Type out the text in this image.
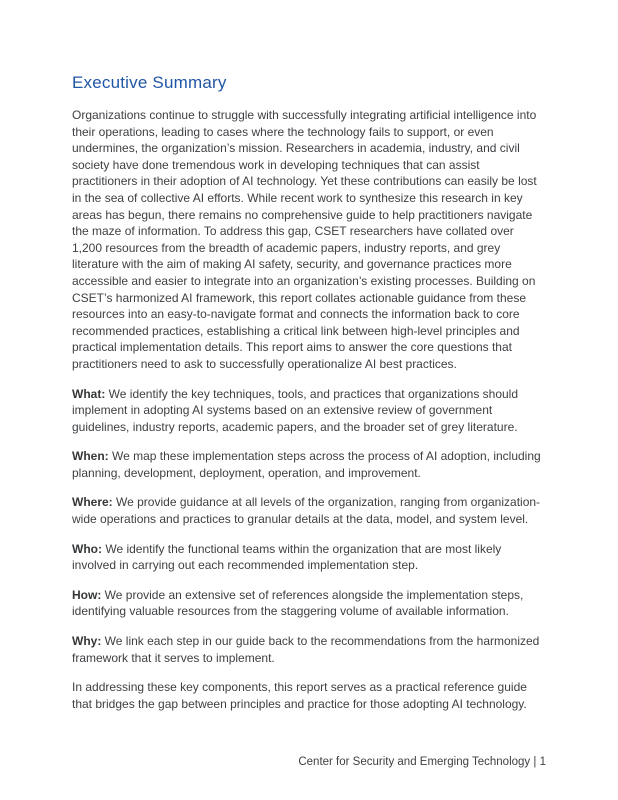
Executive Summary

Organizations continue to struggle with successfully integrating artificial intelligence into their operations, leading to cases where the technology fails to support, or even undermines, the organization’s mission. Researchers in academia, industry, and civil society have done tremendous work in developing techniques that can assist practitioners in their adoption of AI technology. Yet these contributions can easily be lost in the sea of collective AI efforts. While recent work to synthesize this research in key areas has begun, there remains no comprehensive guide to help practitioners navigate the maze of information. To address this gap, CSET researchers have collated over 1,200 resources from the breadth of academic papers, industry reports, and grey literature with the aim of making AI safety, security, and governance practices more accessible and easier to integrate into an organization’s existing processes. Building on CSET’s harmonized AI framework, this report collates actionable guidance from these resources into an easy-to-navigate format and connects the information back to core recommended practices, establishing a critical link between high-level principles and practical implementation details. This report aims to answer the core questions that practitioners need to ask to successfully operationalize AI best practices.

What: We identify the key techniques, tools, and practices that organizations should implement in adopting AI systems based on an extensive review of government guidelines, industry reports, academic papers, and the broader set of grey literature.

When: We map these implementation steps across the process of AI adoption, including planning, development, deployment, operation, and improvement.

Where: We provide guidance at all levels of the organization, ranging from organization-wide operations and practices to granular details at the data, model, and system level.

Who: We identify the functional teams within the organization that are most likely involved in carrying out each recommended implementation step.

How: We provide an extensive set of references alongside the implementation steps, identifying valuable resources from the staggering volume of available information.

Why: We link each step in our guide back to the recommendations from the harmonized framework that it serves to implement.

In addressing these key components, this report serves as a practical reference guide that bridges the gap between principles and practice for those adopting AI technology.

Center for Security and Emerging Technology | 1
